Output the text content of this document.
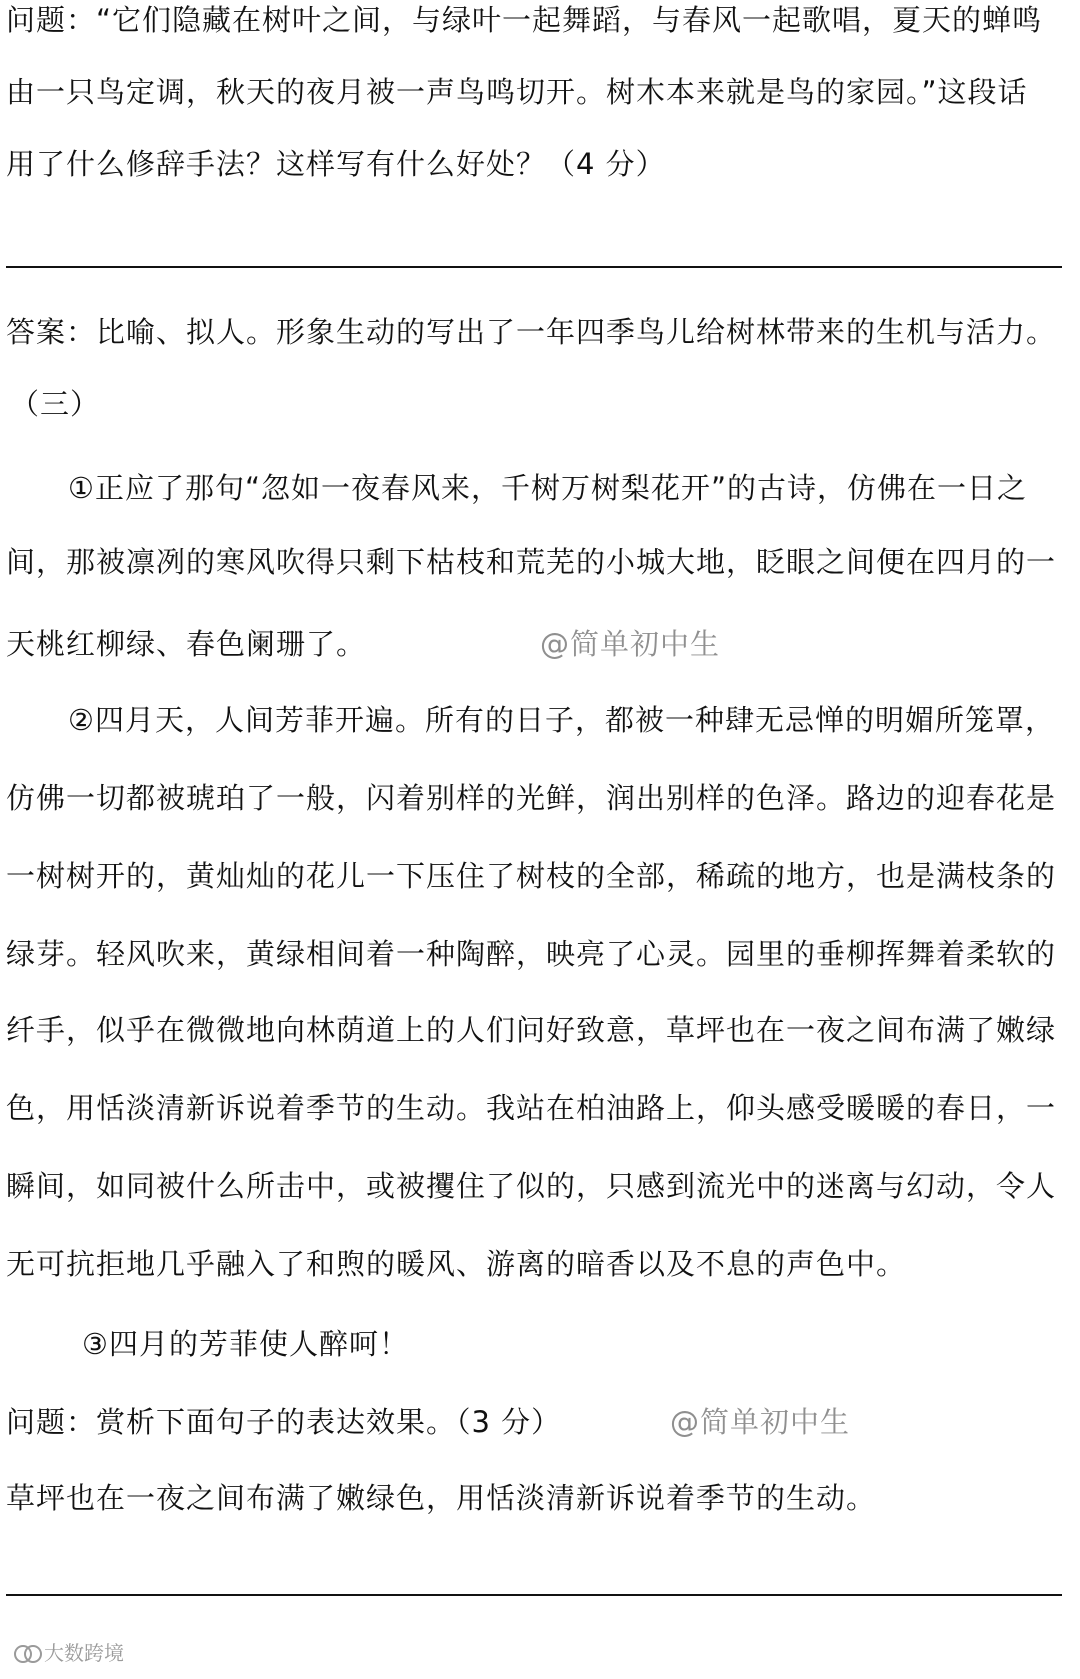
问题：“它们隐藏在树叶之间，与绿叶一起舞蹈，与春风一起歌唱，夏天的蝉鸣
由一只鸟定调，秋天的夜月被一声鸟鸣切开。树木本来就是鸟的家园。”这段话
用了什么修辞手法？这样写有什么好处？（4 分）
答案：比喻、拟人。形象生动的写出了一年四季鸟儿给树林带来的生机与活力。
（三）
①正应了那句“忽如一夜春风来，千树万树梨花开”的古诗，仿佛在一日之
间，那被凛冽的寒风吹得只剩下枯枝和荒芜的小城大地，眨眼之间便在四月的一
天桃红柳绿、春色阑珊了。	@简单初中生
②四月天，人间芳菲开遍。所有的日子，都被一种肆无忌惮的明媚所笼罩，
仿佛一切都被琥珀了一般，闪着别样的光鲜，润出别样的色泽。路边的迎春花是
一树树开的，黄灿灿的花儿一下压住了树枝的全部，稀疏的地方，也是满枝条的
绿芽。轻风吹来，黄绿相间着一种陶醉，映亮了心灵。园里的垂柳挥舞着柔软的
纤手，似乎在微微地向林荫道上的人们问好致意，草坪也在一夜之间布满了嫩绿
色，用恬淡清新诉说着季节的生动。我站在柏油路上，仰头感受暖暖的春日，一
瞬间，如同被什么所击中，或被攫住了似的，只感到流光中的迷离与幻动，令人
无可抗拒地几乎融入了和煦的暖风、游离的暗香以及不息的声色中。
③四月的芳菲使人醉呵！
问题：赏析下面句子的表达效果。（3 分）	@简单初中生
草坪也在一夜之间布满了嫩绿色，用恬淡清新诉说着季节的生动。
大数跨境
